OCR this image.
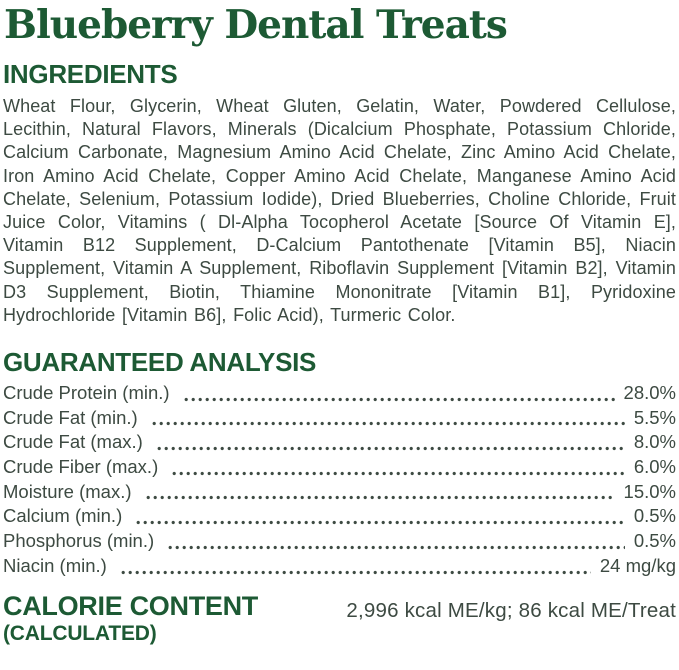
Blueberry Dental Treats
INGREDIENTS

Wheat Flour, Glycerin, Wheat Gluten, Gelatin, Water, Powdered Cellulose, Lecithin, Natural Flavors, Minerals (Dicalcium Phosphate, Potassium Chloride, Calcium Carbonate, Magnesium Amino Acid Chelate, Zinc Amino Acid Chelate, Iron Amino Acid Chelate, Copper Amino Acid Chelate, Manganese Amino Acid Chelate, Selenium, Potassium Iodide), Dried Blueberries, Choline Chloride, Fruit Juice Color, Vitamins ( Dl-Alpha Tocopherol Acetate [Source Of Vitamin E], Vitamin B12 Supplement, D-Calcium Pantothenate [Vitamin B5], Niacin Supplement, Vitamin A Supplement, Riboflavin Supplement [Vitamin B2], Vitamin D3 Supplement, Biotin, Thiamine Mononitrate [Vitamin B1], Pyridoxine Hydrochloride [Vitamin B6], Folic Acid), Turmeric Color.

GUARANTEED ANALYSIS
Crude Protein (min.)	28.0%
Crude Fat (min.)	5.5%
Crude Fat (max.)	8.0%
Crude Fiber (max.)	6.0%
Moisture (max.)	15.0%
Calcium (min.)	0.5%
Phosphorus (min.)	0.5%
Niacin (min.)	24 mg/kg
CALORIE CONTENT
(CALCULATED)
2,996 kcal ME/kg; 86 kcal ME/Treat
